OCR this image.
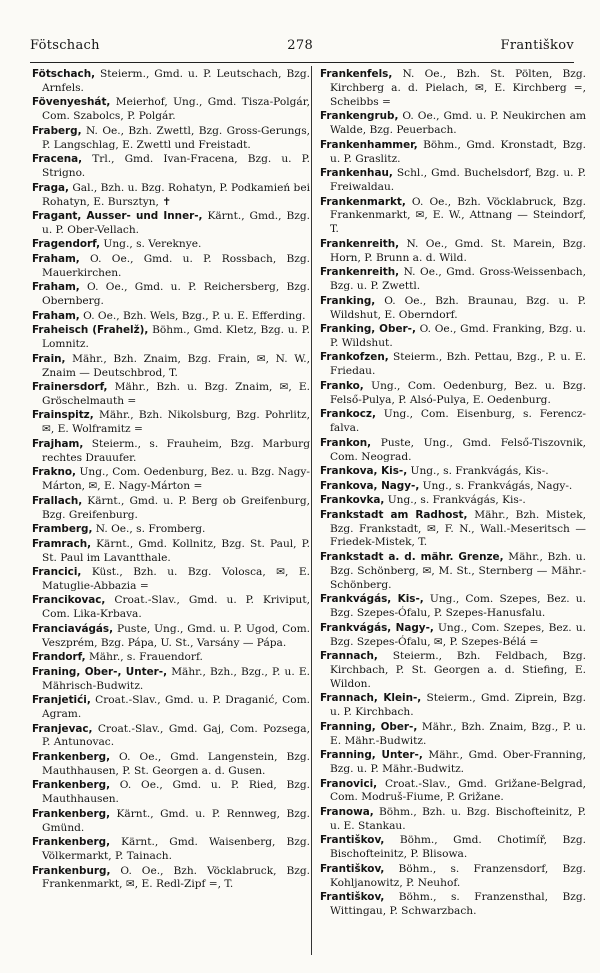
Fötschach	278	Františkov
Fötschach, Steierm., Gmd. u. P. Leutschach, Bzg. Arnfels.
Fövenyeshát, Meierhof, Ung., Gmd. Tisza-Polgár, Com. Szabolcs, P. Polgár.
Fraberg, N. Oe., Bzh. Zwettl, Bzg. Gross-Gerungs, P. Langschlag, E. Zwettl und Freistadt.
Fracena, Trl., Gmd. Ivan-Fracena, Bzg. u. P. Strigno.
Fraga, Gal., Bzh. u. Bzg. Rohatyn, P. Podkamień bei Rohatyn, E. Bursztyn, ✝
Fragant, Ausser- und Inner-, Kärnt., Gmd., Bzg. u. P. Ober-Vellach.
Fragendorf, Ung., s. Vereknye.
Fraham, O. Oe., Gmd. u. P. Rossbach, Bzg. Mauerkirchen.
Fraham, O. Oe., Gmd. u. P. Reichersberg, Bzg. Obernberg.
Fraham, O. Oe., Bzh. Wels, Bzg., P. u. E. Efferding.
Fraheisch (Frahelž), Böhm., Gmd. Kletz, Bzg. u. P. Lomnitz.
Frain, Mähr., Bzh. Znaim, Bzg. Frain, ✉, N. W., Znaim — Deutschbrod, T.
Frainersdorf, Mähr., Bzh. u. Bzg. Znaim, ✉, E. Gröschelmauth =
Frainspitz, Mähr., Bzh. Nikolsburg, Bzg. Pohrlitz, ✉, E. Wolframitz =
Frajham, Steierm., s. Frauheim, Bzg. Marburg rechtes Drauufer.
Frakno, Ung., Com. Oedenburg, Bez. u. Bzg. Nagy-Márton, ✉, E. Nagy-Márton =
Frallach, Kärnt., Gmd. u. P. Berg ob Greifenburg, Bzg. Greifenburg.
Framberg, N. Oe., s. Fromberg.
Framrach, Kärnt., Gmd. Kollnitz, Bzg. St. Paul, P. St. Paul im Lavantthale.
Francici, Küst., Bzh. u. Bzg. Volosca, ✉, E. Matuglie-Abbazia =
Francikovac, Croat.-Slav., Gmd. u. P. Kriviput, Com. Lika-Krbava.
Franciavágás, Puste, Ung., Gmd. u. P. Ugod, Com. Veszprém, Bzg. Pápa, U. St., Varsány — Pápa.
Frandorf, Mähr., s. Frauendorf.
Franing, Ober-, Unter-, Mähr., Bzh., Bzg., P. u. E. Mährisch-Budwitz.
Franjetići, Croat.-Slav., Gmd. u. P. Draganić, Com. Agram.
Franjevac, Croat.-Slav., Gmd. Gaj, Com. Pozsega, P. Antunovac.
Frankenberg, O. Oe., Gmd. Langenstein, Bzg. Mauthhausen, P. St. Georgen a. d. Gusen.
Frankenberg, O. Oe., Gmd. u. P. Ried, Bzg. Mauthhausen.
Frankenberg, Kärnt., Gmd. u. P. Rennweg, Bzg. Gmünd.
Frankenberg, Kärnt., Gmd. Waisenberg, Bzg. Völkermarkt, P. Tainach.
Frankenburg, O. Oe., Bzh. Vöcklabruck, Bzg. Frankenmarkt, ✉, E. Redl-Zipf =, T.
Frankenfels, N. Oe., Bzh. St. Pölten, Bzg. Kirchberg a. d. Pielach, ✉, E. Kirchberg =, Scheibbs =
Frankengrub, O. Oe., Gmd. u. P. Neukirchen am Walde, Bzg. Peuerbach.
Frankenhammer, Böhm., Gmd. Kronstadt, Bzg. u. P. Graslitz.
Frankenhau, Schl., Gmd. Buchelsdorf, Bzg. u. P. Freiwaldau.
Frankenmarkt, O. Oe., Bzh. Vöcklabruck, Bzg. Frankenmarkt, ✉, E. W., Attnang — Steindorf, T.
Frankenreith, N. Oe., Gmd. St. Marein, Bzg. Horn, P. Brunn a. d. Wild.
Frankenreith, N. Oe., Gmd. Gross-Weissenbach, Bzg. u. P. Zwettl.
Franking, O. Oe., Bzh. Braunau, Bzg. u. P. Wildshut, E. Oberndorf.
Franking, Ober-, O. Oe., Gmd. Franking, Bzg. u. P. Wildshut.
Frankofzen, Steierm., Bzh. Pettau, Bzg., P. u. E. Friedau.
Franko, Ung., Com. Oedenburg, Bez. u. Bzg. Felső-Pulya, P. Alsó-Pulya, E. Oedenburg.
Frankocz, Ung., Com. Eisenburg, s. Ferencz-falva.
Frankon, Puste, Ung., Gmd. Felső-Tiszovnik, Com. Neograd.
Frankova, Kis-, Ung., s. Frankvágás, Kis-.
Frankova, Nagy-, Ung., s. Frankvágás, Nagy-.
Frankovka, Ung., s. Frankvágás, Kis-.
Frankstadt am Radhost, Mähr., Bzh. Mistek, Bzg. Frankstadt, ✉, F. N., Wall.-Meseritsch — Friedek-Mistek, T.
Frankstadt a. d. mähr. Grenze, Mähr., Bzh. u. Bzg. Schönberg, ✉, M. St., Sternberg — Mähr.-Schönberg.
Frankvágás, Kis-, Ung., Com. Szepes, Bez. u. Bzg. Szepes-Ófalu, P. Szepes-Hanusfalu.
Frankvágás, Nagy-, Ung., Com. Szepes, Bez. u. Bzg. Szepes-Ófalu, ✉, P. Szepes-Bélá =
Frannach, Steierm., Bzh. Feldbach, Bzg. Kirchbach, P. St. Georgen a. d. Stiefing, E. Wildon.
Frannach, Klein-, Steierm., Gmd. Ziprein, Bzg. u. P. Kirchbach.
Franning, Ober-, Mähr., Bzh. Znaim, Bzg., P. u. E. Mähr.-Budwitz.
Franning, Unter-, Mähr., Gmd. Ober-Franning, Bzg. u. P. Mähr.-Budwitz.
Franovici, Croat.-Slav., Gmd. Grižane-Belgrad, Com. Modruš-Fiume, P. Grižane.
Franowa, Böhm., Bzh. u. Bzg. Bischofteinitz, P. u. E. Stankau.
Františkov, Böhm., Gmd. Chotimíř, Bzg. Bischofteinitz, P. Blisowa.
Františkov, Böhm., s. Franzensdorf, Bzg. Kohljanowitz, P. Neuhof.
Františkov, Böhm., s. Franzensthal, Bzg. Wittingau, P. Schwarzbach.
